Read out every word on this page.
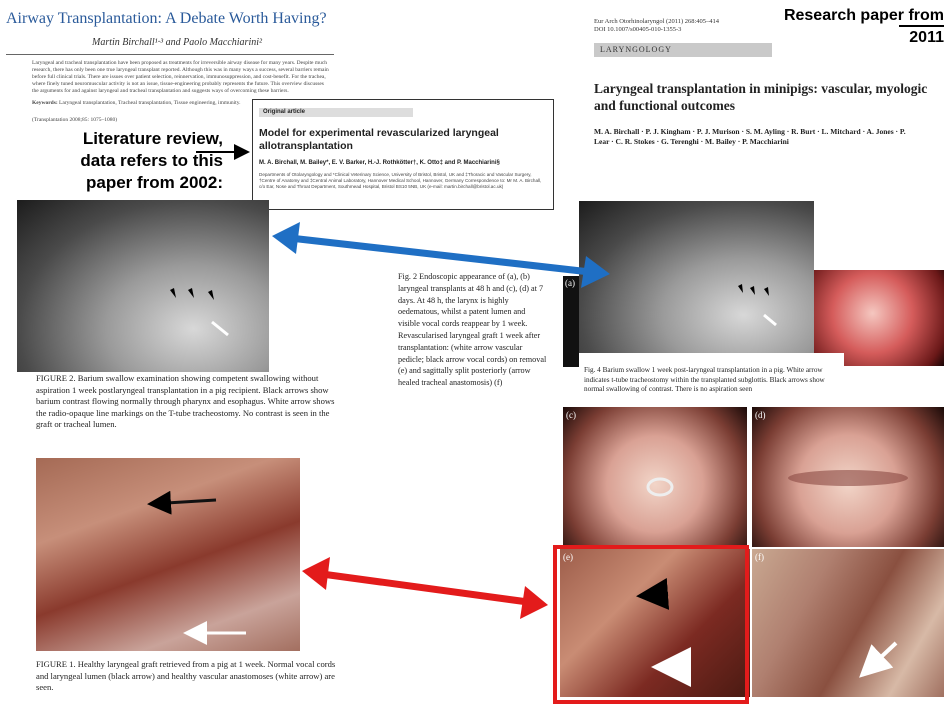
Airway Transplantation: A Debate Worth Having?
Martin Birchall¹·³ and Paolo Macchiarini²
Laryngeal and tracheal transplantation have been proposed as treatments for irreversible airway disease for many years. Despite much research, there has only been one true laryngeal transplant reported. Although this was in many ways a success, several barriers remain before full clinical trials. There are issues over patient selection, reinnervation, immunosuppression, and cost-benefit. For the trachea, where finely tuned neuromuscular activity is not an issue, tissue-engineering probably represents the future. This overview discusses the arguments for and against laryngeal and tracheal transplantation and suggests ways of overcoming these barriers.
Keywords: Laryngeal transplantation, Tracheal transplantation, Tissue engineering, immunity.
(Transplantation 2008;85: 1075–1080)
Literature review,
data refers to this
paper from 2002:
Original article
Model for experimental revascularized laryngeal allotransplantation
M. A. Birchall, M. Bailey*, E. V. Barker, H.-J. Rothkötter†, K. Otto‡ and P. Macchiarini§
Departments of Otolaryngology and *Clinical Veterinary Science, University of Bristol, Bristol, UK and ‡Thoracic and Vascular Surgery, †Centre of Anatomy and ‡Central Animal Laboratory, Hannover Medical School, Hannover, Germany Correspondence to: Mr M. A. Birchall, c/o Ear, Nose and Throat Department, Southmead Hospital, Bristol BS10 5NB, UK (e-mail: martin.birchall@bristol.ac.uk)
Research paper from
2011
Eur Arch Otorhinolaryngol (2011) 268:405–414
DOI 10.1007/s00405-010-1355-3
LARYNGOLOGY
Laryngeal transplantation in minipigs: vascular, myologic and functional outcomes
M. A. Birchall · P. J. Kingham · P. J. Murison · S. M. Ayling · R. Burt · L. Mitchard · A. Jones · P. Lear · C. R. Stokes · G. Terenghi · M. Bailey · P. Macchiarini
FIGURE 2. Barium swallow examination showing competent swallowing without aspiration 1 week postlaryngeal transplantation in a pig recipient. Black arrows show barium contrast flowing normally through pharynx and esophagus. White arrow shows the radio-opaque line markings on the T-tube tracheostomy. No contrast is seen in the graft or tracheal lumen.
FIGURE 1. Healthy laryngeal graft retrieved from a pig at 1 week. Normal vocal cords and laryngeal lumen (black arrow) and healthy vascular anastomoses (white arrow) are seen.
Fig. 2 Endoscopic appearance of (a), (b) laryngeal transplants at 48 h and (c), (d) at 7 days. At 48 h, the larynx is highly oedematous, whilst a patent lumen and visible vocal cords reappear by 1 week. Revascularised laryngeal graft 1 week after transplantation: (white arrow vascular pedicle; black arrow vocal cords) on removal (e) and sagittally split posteriorly (arrow healed tracheal anastomosis) (f)
Fig. 4 Barium swallow 1 week post-laryngeal transplantation in a pig. White arrow indicates t-tube tracheostomy within the transplanted subglottis. Black arrows show normal swallowing of contrast. There is no aspiration seen
(a)
(c)	(d)
(e)	(f)
